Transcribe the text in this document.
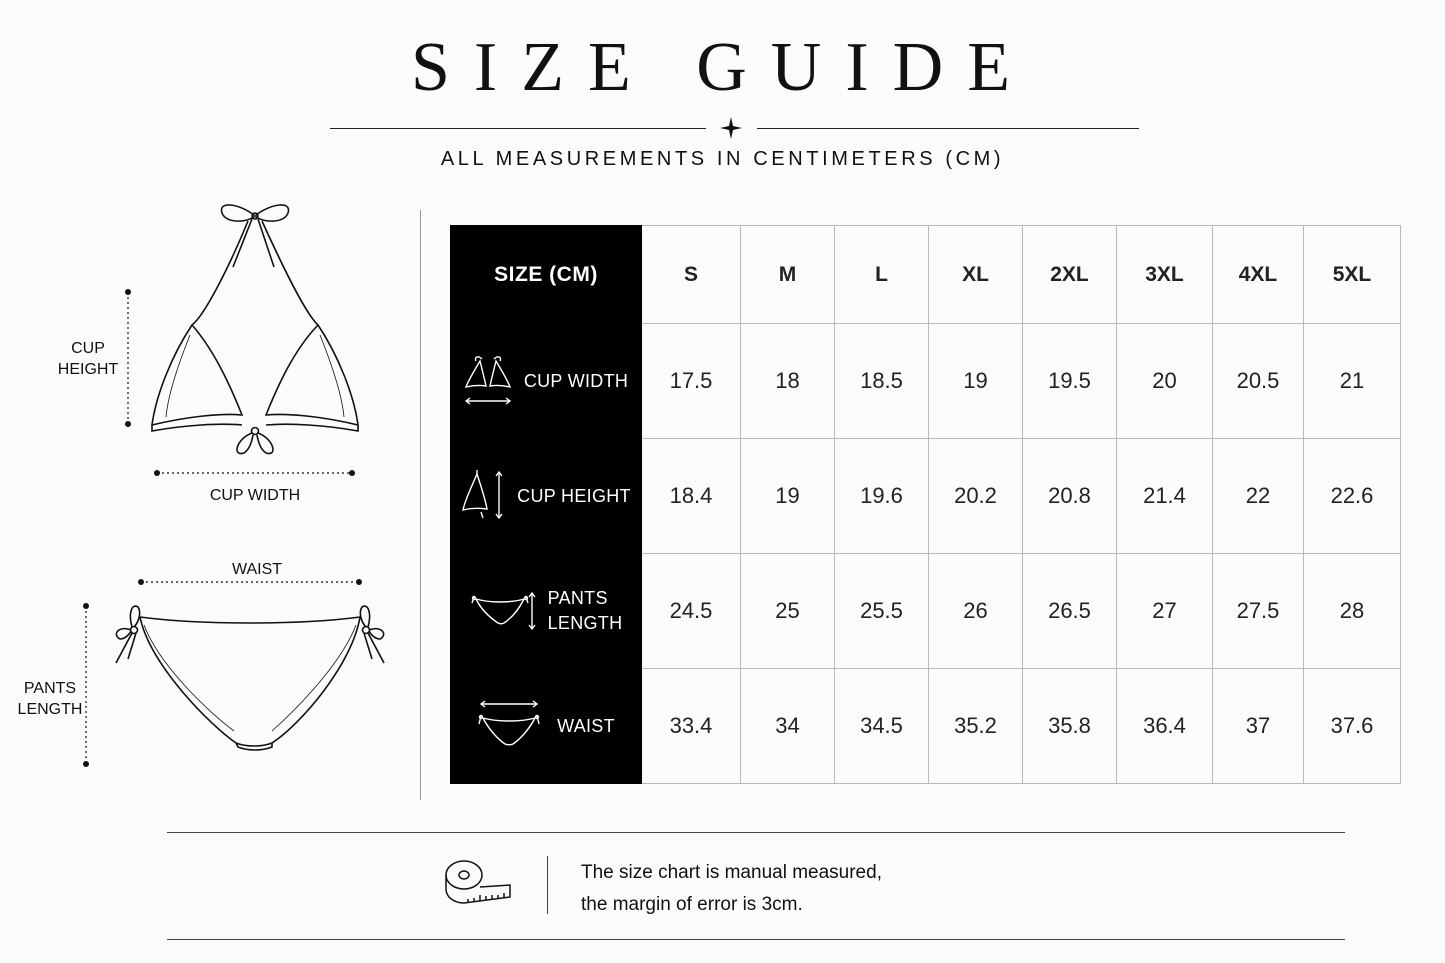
SIZE GUIDE
ALL MEASUREMENTS IN CENTIMETERS (CM)
CUP
HEIGHT
CUP WIDTH
WAIST
PANTS
LENGTH
SIZE (CM)	S	M	L	XL	2XL	3XL	4XL	5XL

CUP WIDTH	17.5	18	18.5	19	19.5	20	20.5	21

CUP HEIGHT	18.4	19	19.6	20.2	20.8	21.4	22	22.6

PANTS
LENGTH	24.5	25	25.5	26	26.5	27	27.5	28

WAIST	33.4	34	34.5	35.2	35.8	36.4	37	37.6
The size chart is manual measured,
the margin of error is 3cm.
